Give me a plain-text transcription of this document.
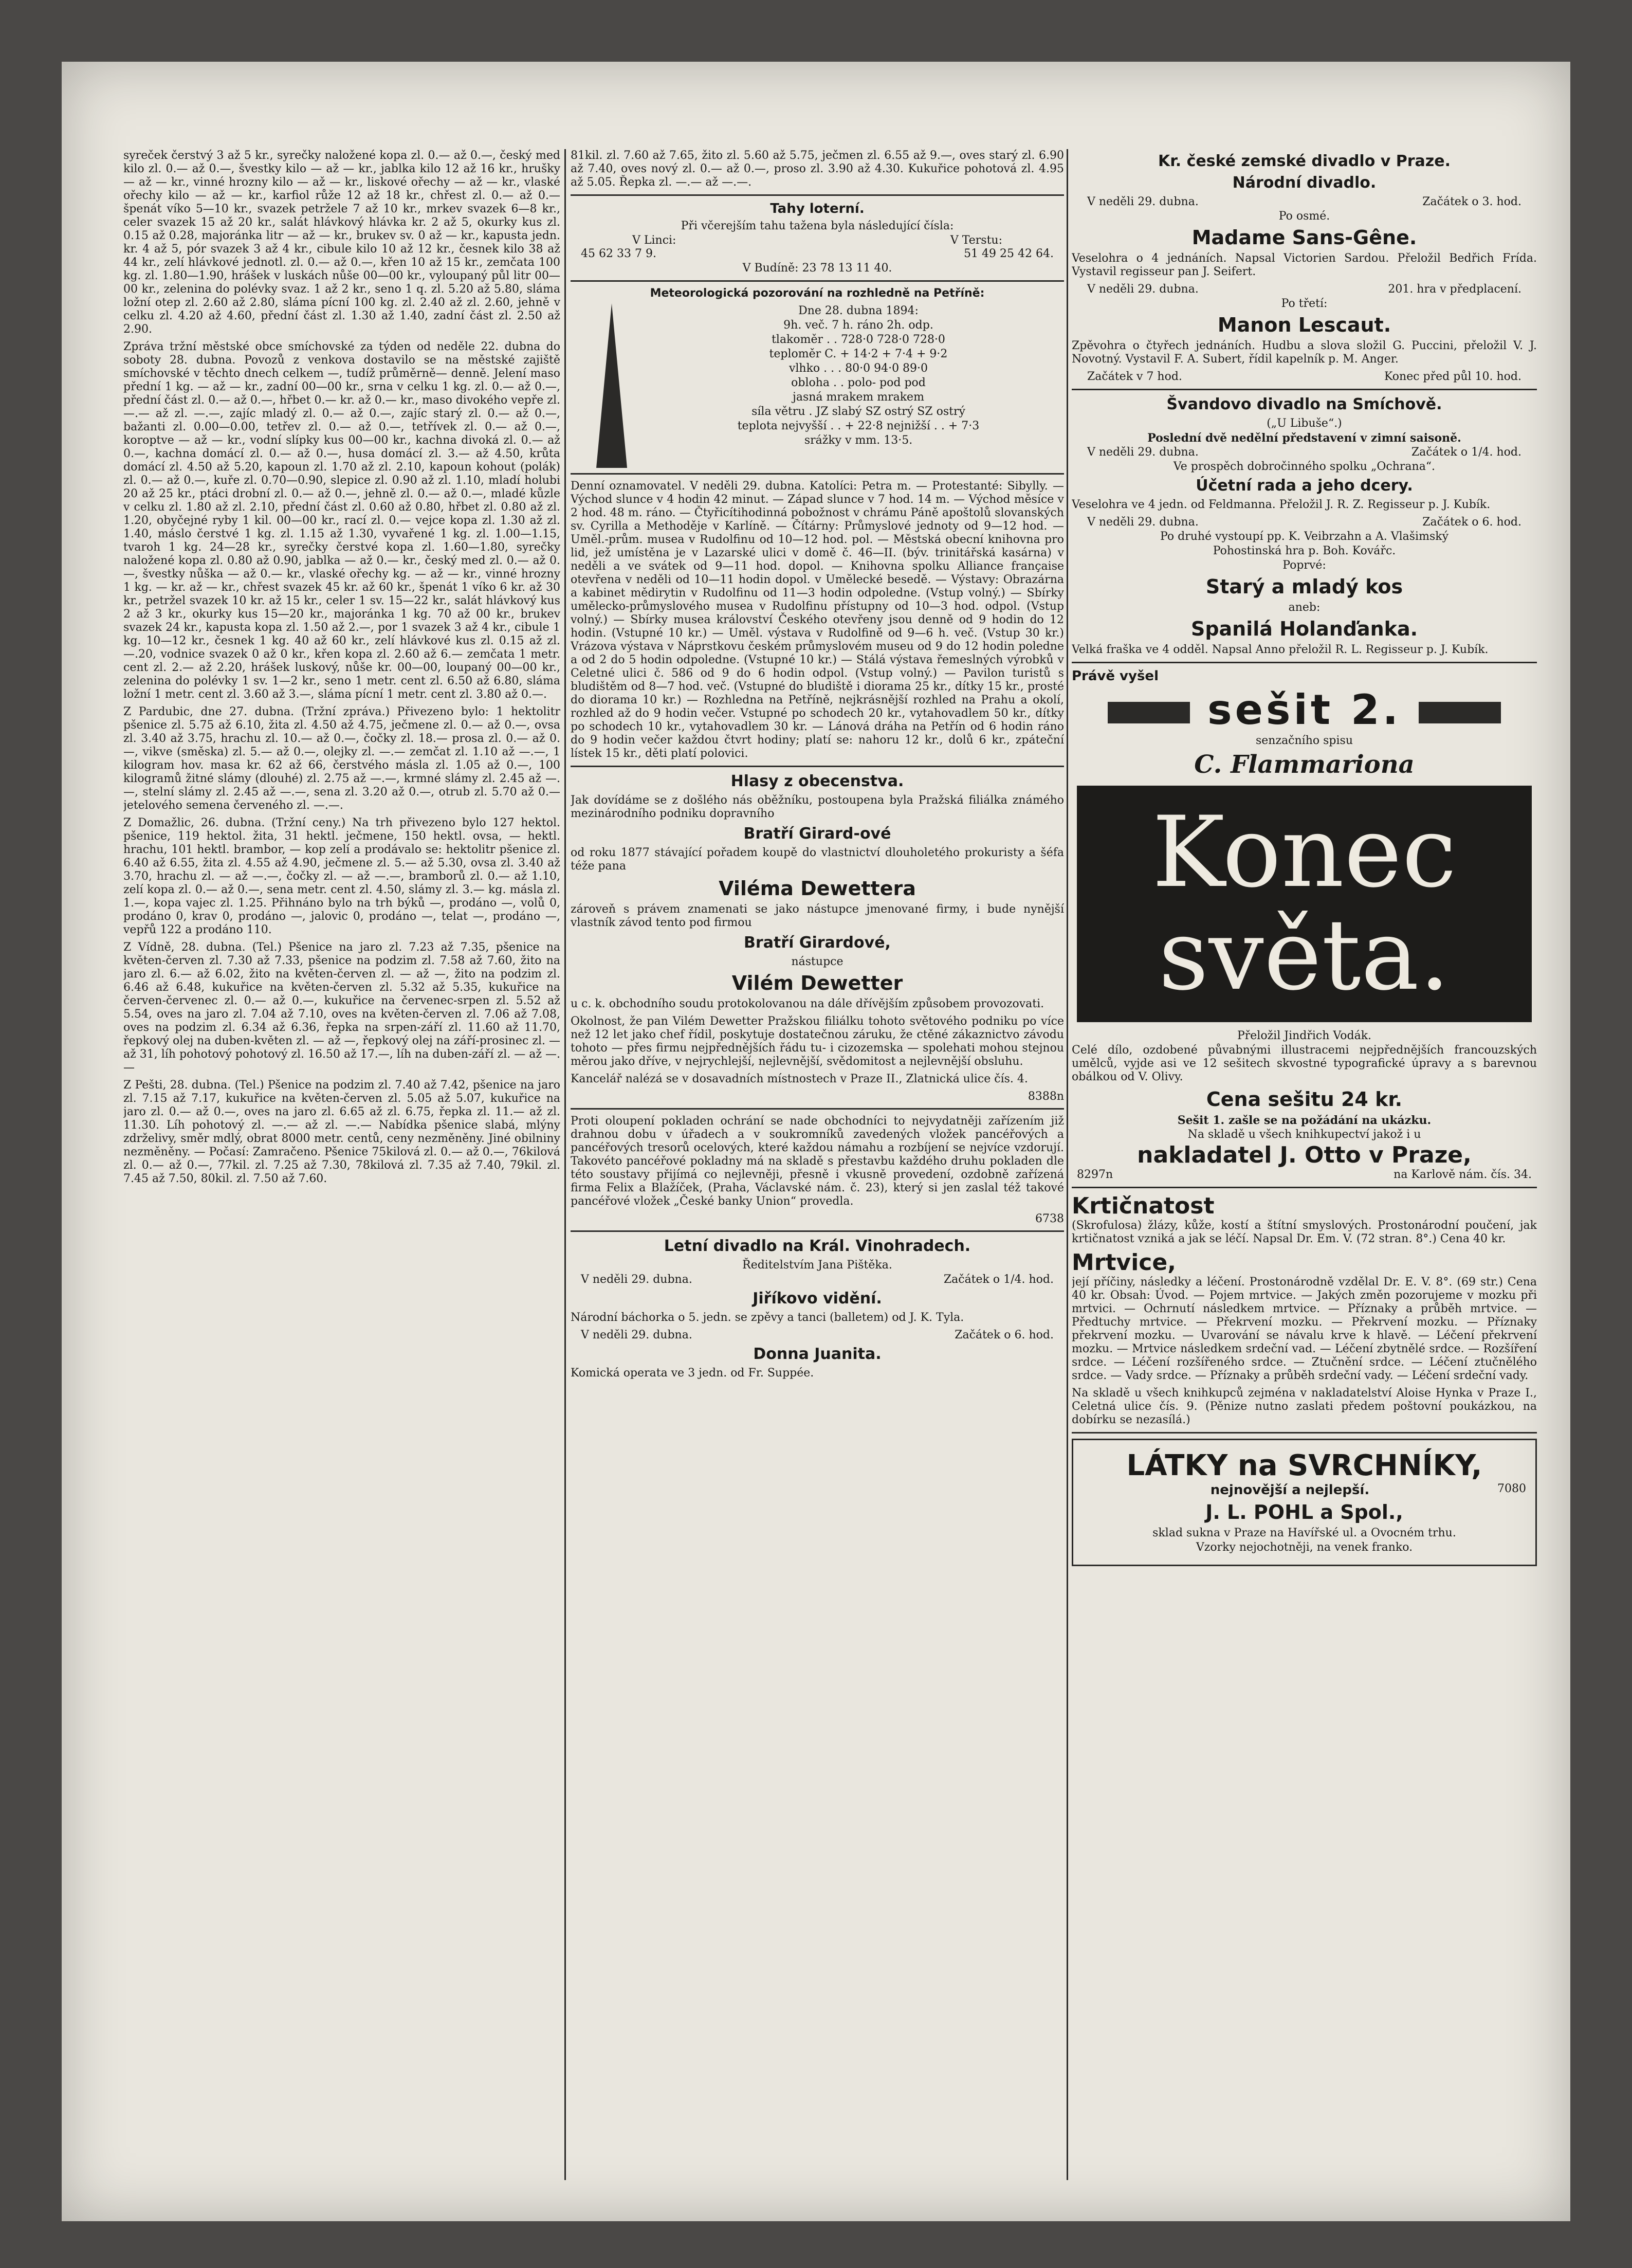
syreček čerstvý 3 až 5 kr., syrečky naložené kopa zl. 0.— až 0.—, český med kilo zl. 0.— až 0.—, švestky kilo — až — kr., jablka kilo 12 až 16 kr., hrušky — až — kr., vinné hrozny kilo — až — kr., liskové ořechy — až — kr., vlaské ořechy kilo — až — kr., karfiol růže 12 až 18 kr., chřest zl. 0.— až 0.— špenát víko 5—10 kr., svazek petržele 7 až 10 kr., mrkev svazek 6—8 kr., celer svazek 15 až 20 kr., salát hlávkový hlávka kr. 2 až 5, okurky kus zl. 0.15 až 0.28, majoránka litr — až — kr., brukev sv. 0 až — kr., kapusta jedn. kr. 4 až 5, pór svazek 3 až 4 kr., cibule kilo 10 až 12 kr., česnek kilo 38 až 44 kr., zelí hlávkové jednotl. zl. 0.— až 0.—, křen 10 až 15 kr., zemčata 100 kg. zl. 1.80—1.90, hrášek v luskách nůše 00—00 kr., vyloupaný půl litr 00—00 kr., zelenina do polévky svaz. 1 až 2 kr., seno 1 q. zl. 5.20 až 5.80, sláma ložní otep zl. 2.60 až 2.80, sláma pícní 100 kg. zl. 2.40 až zl. 2.60, jehně v celku zl. 4.20 až 4.60, přední část zl. 1.30 až 1.40, zadní část zl. 2.50 až 2.90.

Zpráva tržní městské obce smíchovské za týden od neděle 22. dubna do soboty 28. dubna. Povozů z venkova dostavilo se na městské zajiště smíchovské v těchto dnech celkem —, tudíž průměrně— denně. Jelení maso přední 1 kg. — až — kr., zadní 00—00 kr., srna v celku 1 kg. zl. 0.— až 0.—, přední část zl. 0.— až 0.—, hřbet 0.— kr. až 0.— kr., maso divokého vepře zl. —.— až zl. —.—, zajíc mladý zl. 0.— až 0.—, zajíc starý zl. 0.— až 0.—, bažanti zl. 0.00—0.00, tetřev zl. 0.— až 0.—, tetřívek zl. 0.— až 0.—, koroptve — až — kr., vodní slípky kus 00—00 kr., kachna divoká zl. 0.— až 0.—, kachna domácí zl. 0.— až 0.—, husa domácí zl. 3.— až 4.50, krůta domácí zl. 4.50 až 5.20, kapoun zl. 1.70 až zl. 2.10, kapoun kohout (polák) zl. 0.— až 0.—, kuře zl. 0.70—0.90, slepice zl. 0.90 až zl. 1.10, mladí holubi 20 až 25 kr., ptáci drobní zl. 0.— až 0.—, jehně zl. 0.— až 0.—, mladé kůzle v celku zl. 1.80 až zl. 2.10, přední část zl. 0.60 až 0.80, hřbet zl. 0.80 až zl. 1.20, obyčejné ryby 1 kil. 00—00 kr., rací zl. 0.— vejce kopa zl. 1.30 až zl. 1.40, máslo čerstvé 1 kg. zl. 1.15 až 1.30, vyvařené 1 kg. zl. 1.00—1.15, tvaroh 1 kg. 24—28 kr., syrečky čerstvé kopa zl. 1.60—1.80, syrečky naložené kopa zl. 0.80 až 0.90, jablka — až 0.— kr., český med zl. 0.— až 0.—, švestky nůška — až 0.— kr., vlaské ořechy kg. — až — kr., vinné hrozny 1 kg. — kr. až — kr., chřest svazek 45 kr. až 60 kr., špenát 1 víko 6 kr. až 30 kr., petržel svazek 10 kr. až 15 kr., celer 1 sv. 15—22 kr., salát hlávkový kus 2 až 3 kr., okurky kus 15—20 kr., majoránka 1 kg. 70 až 00 kr., brukev svazek 24 kr., kapusta kopa zl. 1.50 až 2.—, por 1 svazek 3 až 4 kr., cibule 1 kg. 10—12 kr., česnek 1 kg. 40 až 60 kr., zelí hlávkové kus zl. 0.15 až zl. —.20, vodnice svazek 0 až 0 kr., křen kopa zl. 2.60 až 6.— zemčata 1 metr. cent zl. 2.— až 2.20, hrášek luskový, nůše kr. 00—00, loupaný 00—00 kr., zelenina do polévky 1 sv. 1—2 kr., seno 1 metr. cent zl. 6.50 až 6.80, sláma ložní 1 metr. cent zl. 3.60 až 3.—, sláma pícní 1 metr. cent zl. 3.80 až 0.—.

Z Pardubic, dne 27. dubna. (Tržní zpráva.) Přivezeno bylo: 1 hektolitr pšenice zl. 5.75 až 6.10, žita zl. 4.50 až 4.75, ječmene zl. 0.— až 0.—, ovsa zl. 3.40 až 3.75, hrachu zl. 10.— až 0.—, čočky zl. 18.— prosa zl. 0.— až 0.—, vikve (směska) zl. 5.— až 0.—, olejky zl. —.— zemčat zl. 1.10 až —.—, 1 kilogram hov. masa kr. 62 až 66, čerstvého másla zl. 1.05 až 0.—, 100 kilogramů žitné slámy (dlouhé) zl. 2.75 až —.—, krmné slámy zl. 2.45 až —.—, stelní slámy zl. 2.45 až —.—, sena zl. 3.20 až 0.—, otrub zl. 5.70 až 0.— jetelového semena červeného zl. —.—.

Z Domažlic, 26. dubna. (Tržní ceny.) Na trh přivezeno bylo 127 hektol. pšenice, 119 hektol. žita, 31 hektl. ječmene, 150 hektl. ovsa, — hektl. hrachu, 101 hektl. brambor, — kop zelí a prodávalo se: hektolitr pšenice zl. 6.40 až 6.55, žita zl. 4.55 až 4.90, ječmene zl. 5.— až 5.30, ovsa zl. 3.40 až 3.70, hrachu zl. — až —.—, čočky zl. — až —.—, bramborů zl. 0.— až 1.10, zelí kopa zl. 0.— až 0.—, sena metr. cent zl. 4.50, slámy zl. 3.— kg. másla zl. 1.—, kopa vajec zl. 1.25. Přihnáno bylo na trh býků —, prodáno —, volů 0, prodáno 0, krav 0, prodáno —, jalovic 0, prodáno —, telat —, prodáno —, vepřů 122 a prodáno 110.

Z Vídně, 28. dubna. (Tel.) Pšenice na jaro zl. 7.23 až 7.35, pšenice na květen-červen zl. 7.30 až 7.33, pšenice na podzim zl. 7.58 až 7.60, žito na jaro zl. 6.— až 6.02, žito na květen-červen zl. — až —, žito na podzim zl. 6.46 až 6.48, kukuřice na květen-červen zl. 5.32 až 5.35, kukuřice na červen-červenec zl. 0.— až 0.—, kukuřice na červenec-srpen zl. 5.52 až 5.54, oves na jaro zl. 7.04 až 7.10, oves na květen-červen zl. 7.06 až 7.08, oves na podzim zl. 6.34 až 6.36, řepka na srpen-září zl. 11.60 až 11.70, řepkový olej na duben-květen zl. — až —, řepkový olej na září-prosinec zl. — až 31, líh pohotový pohotový zl. 16.50 až 17.—, líh na duben-září zl. — až —.—

Z Pešti, 28. dubna. (Tel.) Pšenice na podzim zl. 7.40 až 7.42, pšenice na jaro zl. 7.15 až 7.17, kukuřice na květen-červen zl. 5.05 až 5.07, kukuřice na jaro zl. 0.— až 0.—, oves na jaro zl. 6.65 až zl. 6.75, řepka zl. 11.— až zl. 11.30. Líh pohotový zl. —.— až zl. —.— Nabídka pšenice slabá, mlýny zdrželivy, směr mdlý, obrat 8000 metr. centů, ceny nezměněny. Jiné obilniny nezměněny. — Počasí: Zamračeno. Pšenice 75kilová zl. 0.— až 0.—, 76kilová zl. 0.— až 0.—, 77kil. zl. 7.25 až 7.30, 78kilová zl. 7.35 až 7.40, 79kil. zl. 7.45 až 7.50, 80kil. zl. 7.50 až 7.60.

81kil. zl. 7.60 až 7.65, žito zl. 5.60 až 5.75, ječmen zl. 6.55 až 9.—, oves starý zl. 6.90 až 7.40, oves nový zl. 0.— až 0.—, proso zl. 3.90 až 4.30. Kukuřice pohotová zl. 4.95 až 5.05. Řepka zl. —.— až —.—.

Tahy loterní.
Při včerejším tahu tažena byla následující čísla:
V Linci:	V Terstu:
45 62 33 7 9.	51 49 25 42 64.
V Budíně: 23 78 13 11 40.
Meteorologická pozorování na rozhledně na Petříně:
Dne 28. dubna 1894:
9h. več. 7 h. ráno 2h. odp.
tlakoměr . . 728·0 728·0 728·0
teploměr C. + 14·2 + 7·4 + 9·2
vlhko . . . 80·0 94·0 89·0
obloha . . polo- pod pod
jasná mrakem mrakem
síla větru . JZ slabý SZ ostrý SZ ostrý
teplota nejvyšší . . + 22·8 nejnižší . . + 7·3
srážky v mm. 13·5.

Denní oznamovatel. V neděli 29. dubna. Katolíci: Petra m. — Protestanté: Sibylly. — Východ slunce v 4 hodin 42 minut. — Západ slunce v 7 hod. 14 m. — Východ měsíce v 2 hod. 48 m. ráno. — Čtyřicítihodinná pobožnost v chrámu Páně apoštolů slovanských sv. Cyrilla a Methoděje v Karlíně. — Čítárny: Průmyslové jednoty od 9—12 hod. — Uměl.-prům. musea v Rudolfinu od 10—12 hod. pol. — Městská obecní knihovna pro lid, jež umístěna je v Lazarské ulici v domě č. 46—II. (býv. trinitářská kasárna) v neděli a ve svátek od 9—11 hod. dopol. — Knihovna spolku Alliance française otevřena v neděli od 10—11 hodin dopol. v Umělecké besedě. — Výstavy: Obrazárna a kabinet mědirytin v Rudolfinu od 11—3 hodin odpoledne. (Vstup volný.) — Sbírky umělecko-průmyslového musea v Rudolfinu přístupny od 10—3 hod. odpol. (Vstup volný.) — Sbírky musea království Českého otevřeny jsou denně od 9 hodin do 12 hodin. (Vstupné 10 kr.) — Uměl. výstava v Rudolfině od 9—6 h. več. (Vstup 30 kr.) Vrázova výstava v Náprstkovu českém průmyslovém museu od 9 do 12 hodin poledne a od 2 do 5 hodin odpoledne. (Vstupné 10 kr.) — Stálá výstava řemeslných výrobků v Celetné ulici č. 586 od 9 do 6 hodin odpol. (Vstup volný.) — Pavilon turistů s bludištěm od 8—7 hod. več. (Vstupné do bludiště i diorama 25 kr., dítky 15 kr., prosté do diorama 10 kr.) — Rozhledna na Petříně, nejkrásnější rozhled na Prahu a okolí, rozhled až do 9 hodin večer. Vstupné po schodech 20 kr., vytahovadlem 50 kr., dítky po schodech 10 kr., vytahovadlem 30 kr. — Lánová dráha na Petřín od 6 hodin ráno do 9 hodin večer každou čtvrt hodiny; platí se: nahoru 12 kr., dolů 6 kr., zpáteční lístek 15 kr., děti platí polovici.

Hlasy z obecenstva.

Jak dovídáme se z došlého nás oběžníku, postoupena byla Pražská filiálka známého mezinárodního podniku dopravního

Bratří Girard-ové

od roku 1877 stávající pořadem koupě do vlastnictví dlouholetého prokuristy a šéfa téže pana

Viléma Dewettera

zároveň s právem znamenati se jako nástupce jmenované firmy, i bude nynější vlastník závod tento pod firmou

Bratří Girardové,
nástupce
Vilém Dewetter

u c. k. obchodního soudu protokolovanou na dále dřívějším způsobem provozovati.

Okolnost, že pan Vilém Dewetter Pražskou filiálku tohoto světového podniku po více než 12 let jako chef řídil, poskytuje dostatečnou záruku, že ctěné zákaznictvo závodu tohoto — přes firmu nejpřednějších řádu tu- i cizozemska — spolehati mohou stejnou měrou jako dříve, v nejrychlejší, nejlevnější, svědomitost a nejlevnější obsluhu.

Kancelář nalézá se v dosavadních místnostech v Praze II., Zlatnická ulice čís. 4.

8388n

Proti oloupení pokladen ochrání se nade obchodníci to nejvydatněji zařízením již drahnou dobu v úřadech a v soukromníků zavedených vložek pancéřových a pancéřových tresorů ocelových, které každou námahu a rozbíjení se nejvíce vzdorují. Takovéto pancéřové pokladny má na skladě s přestavbu každého druhu pokladen dle této soustavy přijímá co nejlevněji, přesně i vkusně provedení, ozdobně zařízená firma Felix a Blažíček, (Praha, Václavské nám. č. 23), který si jen zaslal též takové pancéřové vložek „České banky Union“ provedla.

6738
Letní divadlo na Král. Vinohradech.
Ředitelstvím Jana Pištěka.
V neděli 29. dubna.	Začátek o 1/4. hod.
Jiříkovo vidění.

Národní báchorka o 5. jedn. se zpěvy a tanci (balletem) od J. K. Tyla.

V neděli 29. dubna.	Začátek o 6. hod.
Donna Juanita.

Komická operata ve 3 jedn. od Fr. Suppée.

Kr. české zemské divadlo v Praze.
Národní divadlo.
V neděli 29. dubna.	Začátek o 3. hod.
Po osmé.
Madame Sans-Gêne.

Veselohra o 4 jednáních. Napsal Victorien Sardou. Přeložil Bedřich Frída. Vystavil regisseur pan J. Seifert.

V neděli 29. dubna.	201. hra v předplacení.
Po třetí:
Manon Lescaut.

Zpěvohra o čtyřech jednáních. Hudbu a slova složil G. Puccini, přeložil V. J. Novotný. Vystavil F. A. Subert, řídil kapelník p. M. Anger.

Začátek v 7 hod.	Konec před půl 10. hod.
Švandovo divadlo na Smíchově.
(„U Libuše“.)
Poslední dvě nedělní představení v zimní saisoně.
V neděli 29. dubna.	Začátek o 1/4. hod.
Ve prospěch dobročinného spolku „Ochrana“.
Účetní rada a jeho dcery.

Veselohra ve 4 jedn. od Feldmanna. Přeložil J. R. Z. Regisseur p. J. Kubík.

V neděli 29. dubna.	Začátek o 6. hod.
Po druhé vystoupí pp. K. Veibrzahn a A. Vlašimský
Pohostinská hra p. Boh. Kovářc.
Poprvé:
Starý a mladý kos
aneb:
Spanilá Holanďanka.

Velká fraška ve 4 odděl. Napsal Anno přeložil R. L. Regisseur p. J. Kubík.

Právě vyšel
sešit 2.
senzačního spisu
C. Flammariona
Konec
světa.
Přeložil Jindřich Vodák.

Celé dílo, ozdobené půvabnými illustracemi nejpřednějších francouzských umělců, vyjde asi ve 12 sešitech skvostné typografické úpravy a s barevnou obálkou od V. Olivy.

Cena sešitu 24 kr.
Sešit 1. zašle se na požádání na ukázku.
Na skladě u všech knihkupectví jakož i u
nakladatel J. Otto v Praze,
8297n	na Karlově nám. čís. 34.
Krtičnatost

(Skrofulosa) žlázy, kůže, kostí a štítní smyslových. Prostonárodní poučení, jak krtičnatost vzniká a jak se léčí. Napsal Dr. Em. V. (72 stran. 8°.) Cena 40 kr.

Mrtvice,

její příčiny, následky a léčení. Prostonárodně vzdělal Dr. E. V. 8°. (69 str.) Cena 40 kr. Obsah: Úvod. — Pojem mrtvice. — Jakých změn pozorujeme v mozku při mrtvici. — Ochrnutí následkem mrtvice. — Příznaky a průběh mrtvice. — Předtuchy mrtvice. — Překrvení mozku. — Překrvení mozku. — Příznaky překrvení mozku. — Uvarování se návalu krve k hlavě. — Léčení překrvení mozku. — Mrtvice následkem srdeční vad. — Léčení zbytnělé srdce. — Rozšíření srdce. — Léčení rozšířeného srdce. — Ztučnění srdce. — Léčení ztučnělého srdce. — Vady srdce. — Příznaky a průběh srdeční vady. — Léčení srdeční vady.

Na skladě u všech knihkupců zejména v nakladatelství Aloise Hynka v Praze I., Celetná ulice čís. 9. (Pěnize nutno zaslati předem poštovní poukázkou, na dobírku se nezasílá.)

LÁTKY na SVRCHNÍKY,
nejnovější a nejlepší.	7080
J. L. POHL a Spol.,
sklad sukna v Praze na Havířské ul. a Ovocném trhu.
Vzorky nejochotněji, na venek franko.
